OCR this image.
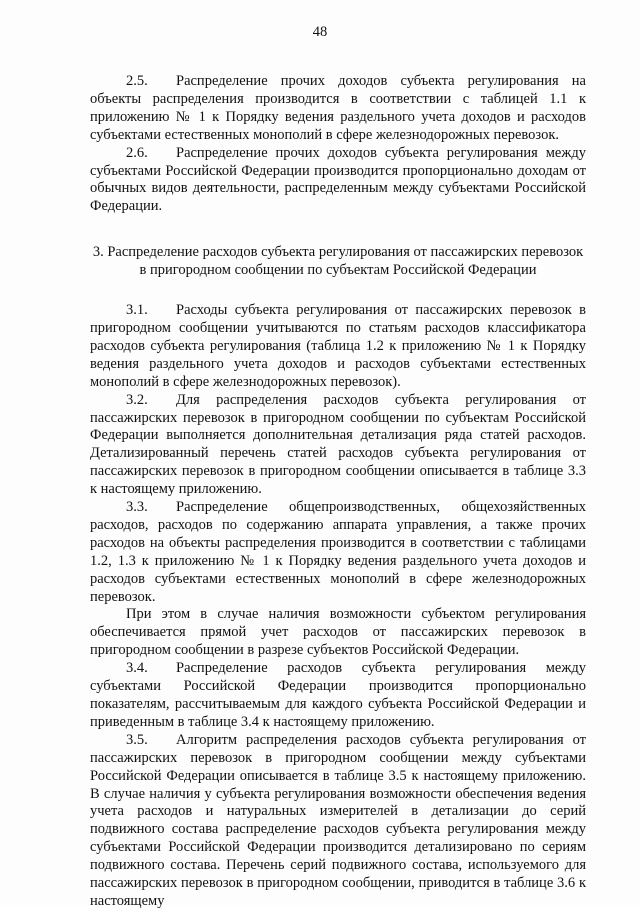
48

2.5. Распределение прочих доходов субъекта регулирования на объекты распределения производится в соответствии с таблицей 1.1 к приложению № 1 к Порядку ведения раздельного учета доходов и расходов субъектами естественных монополий в сфере железнодорожных перевозок.

2.6. Распределение прочих доходов субъекта регулирования между субъектами Российской Федерации производится пропорционально доходам от обычных видов деятельности, распределенным между субъектами Российской Федерации.

3. Распределение расходов субъекта регулирования от пассажирских перевозок в пригородном сообщении по субъектам Российской Федерации

3.1. Расходы субъекта регулирования от пассажирских перевозок в пригородном сообщении учитываются по статьям расходов классификатора расходов субъекта регулирования (таблица 1.2 к приложению № 1 к Порядку ведения раздельного учета доходов и расходов субъектами естественных монополий в сфере железнодорожных перевозок).

3.2. Для распределения расходов субъекта регулирования от пассажирских перевозок в пригородном сообщении по субъектам Российской Федерации выполняется дополнительная детализация ряда статей расходов. Детализированный перечень статей расходов субъекта регулирования от пассажирских перевозок в пригородном сообщении описывается в таблице 3.3 к настоящему приложению.

3.3. Распределение общепроизводственных, общехозяйственных расходов, расходов по содержанию аппарата управления, а также прочих расходов на объекты распределения производится в соответствии с таблицами 1.2, 1.3 к приложению № 1 к Порядку ведения раздельного учета доходов и расходов субъектами естественных монополий в сфере железнодорожных перевозок.

При этом в случае наличия возможности субъектом регулирования обеспечивается прямой учет расходов от пассажирских перевозок в пригородном сообщении в разрезе субъектов Российской Федерации.

3.4. Распределение расходов субъекта регулирования между субъектами Российской Федерации производится пропорционально показателям, рассчитываемым для каждого субъекта Российской Федерации и приведенным в таблице 3.4 к настоящему приложению.

3.5. Алгоритм распределения расходов субъекта регулирования от пассажирских перевозок в пригородном сообщении между субъектами Российской Федерации описывается в таблице 3.5 к настоящему приложению. В случае наличия у субъекта регулирования возможности обеспечения ведения учета расходов и натуральных измерителей в детализации до серий подвижного состава распределение расходов субъекта регулирования между субъектами Российской Федерации производится детализировано по сериям подвижного состава. Перечень серий подвижного состава, используемого для пассажирских перевозок в пригородном сообщении, приводится в таблице 3.6 к настоящему
